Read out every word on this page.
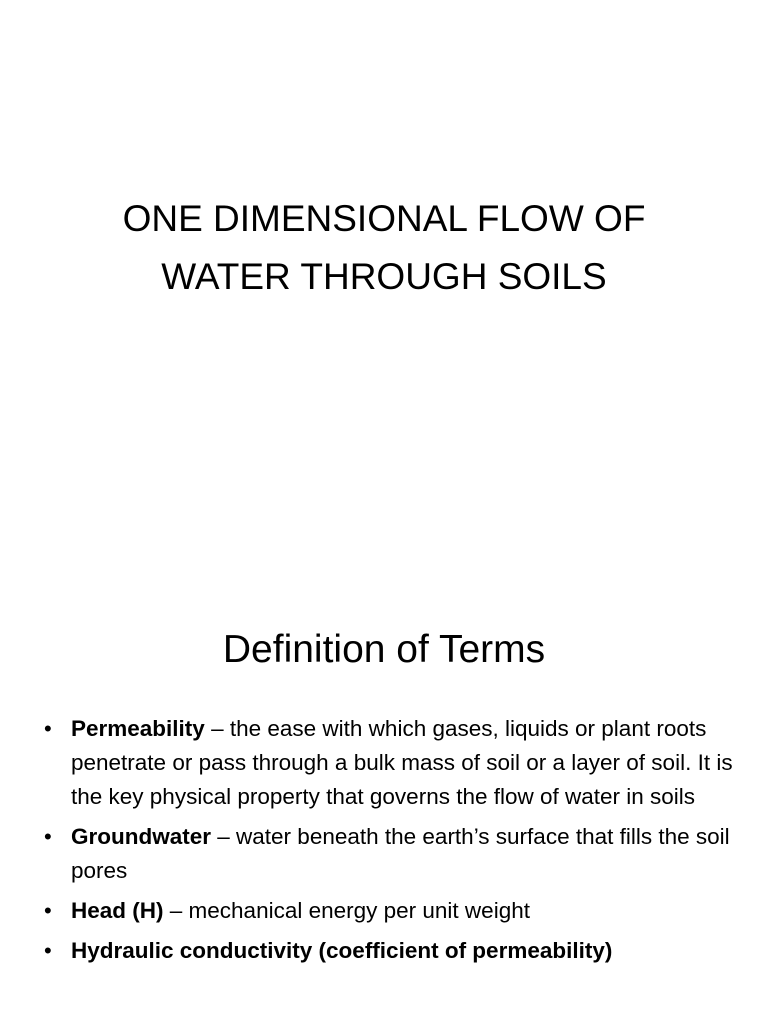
ONE DIMENSIONAL FLOW OF
WATER THROUGH SOILS
Definition of Terms
• Permeability – the ease with which gases, liquids or plant roots penetrate or pass through a bulk mass of soil or a layer of soil. It is the key physical property that governs the flow of water in soils
• Groundwater – water beneath the earth’s surface that fills the soil pores
• Head (H) – mechanical energy per unit weight
• Hydraulic conductivity (coefficient of permeability)
